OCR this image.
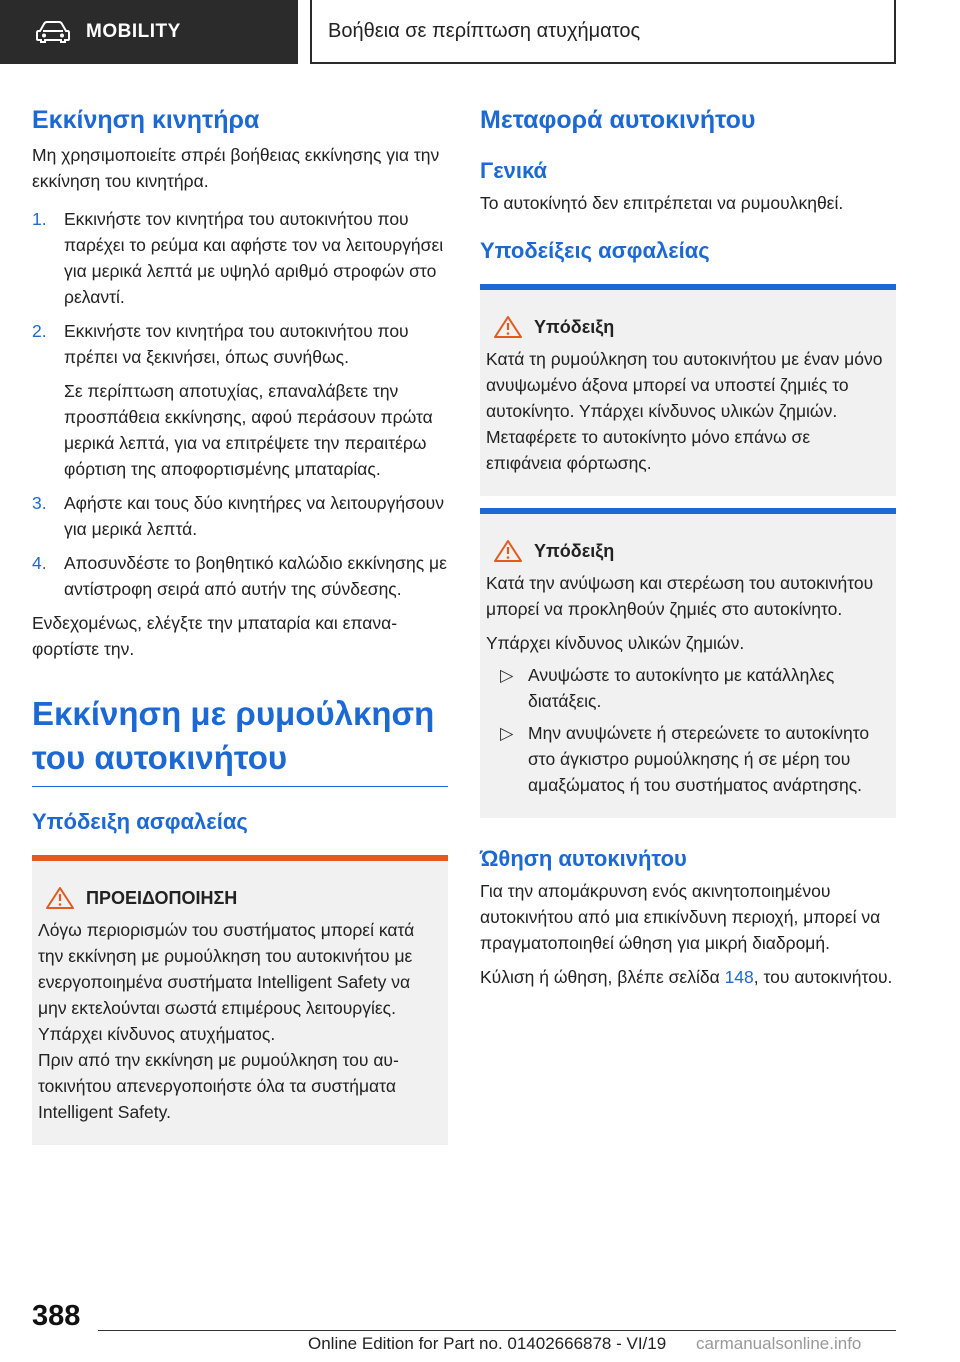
MOBILITY	Βοήθεια σε περίπτωση ατυχήματος
Εκκίνηση κινητήρα

Μη χρησιμοποιείτε σπρέι βοήθειας εκκίνησης για την εκκίνηση του κινητήρα.

1. Εκκινήστε τον κινητήρα του αυτοκινήτου που παρέχει το ρεύμα και αφήστε τον να λειτουργήσει για μερικά λεπτά με υψηλό αριθμό στροφών στο ρελαντί.
2. Εκκινήστε τον κινητήρα του αυτοκινήτου που πρέπει να ξεκινήσει, όπως συνήθως.
Σε περίπτωση αποτυχίας, επαναλάβετε την προσπάθεια εκκίνησης, αφού περάσουν πρώτα μερικά λεπτά, για να επιτρέψετε την περαιτέρω φόρτιση της αποφορτισμένης μπαταρίας.
3. Αφήστε και τους δύο κινητήρες να λειτουργήσουν για μερικά λεπτά.
4. Αποσυνδέστε το βοηθητικό καλώδιο εκκίνησης με αντίστροφη σειρά από αυτήν της σύνδεσης.

Ενδεχομένως, ελέγξτε την μπαταρία και επαναφορτίστε την.

Εκκίνηση με ρυμούλκηση του αυτοκινήτου
Υπόδειξη ασφαλείας
ΠΡΟΕΙΔΟΠΟΙΗΣΗ

Λόγω περιορισμών του συστήματος μπορεί κατά την εκκίνηση με ρυμούλκηση του αυτοκινήτου με ενεργοποιημένα συστήματα Intelligent Safety να μην εκτελούνται σωστά επιμέρους λειτουργίες. Υπάρχει κίνδυνος ατυχήματος.

Πριν από την εκκίνηση με ρυμούλκηση του αυτοκινήτου απενεργοποιήστε όλα τα συστήματα Intelligent Safety.

Μεταφορά αυτοκινήτου
Γενικά

Το αυτοκίνητό δεν επιτρέπεται να ρυμουλκηθεί.

Υποδείξεις ασφαλείας
Υπόδειξη

Κατά τη ρυμούλκηση του αυτοκινήτου με έναν μόνο ανυψωμένο άξονα μπορεί να υποστεί ζημιές το αυτοκίνητο. Υπάρχει κίνδυνος υλικών ζημιών. Μεταφέρετε το αυτοκίνητο μόνο επάνω σε επιφάνεια φόρτωσης.

Υπόδειξη

Κατά την ανύψωση και στερέωση του αυτοκινήτου μπορεί να προκληθούν ζημιές στο αυτοκίνητο.

Υπάρχει κίνδυνος υλικών ζημιών.

▷ Ανυψώστε το αυτοκίνητο με κατάλληλες διατάξεις.
▷ Μην ανυψώνετε ή στερεώνετε το αυτοκίνητο στο άγκιστρο ρυμούλκησης ή σε μέρη του αμαξώματος ή του συστήματος ανάρτησης.
Ώθηση αυτοκινήτου

Για την απομάκρυνση ενός ακινητοποιημένου αυτοκινήτου από μια επικίνδυνη περιοχή, μπορεί να πραγματοποιηθεί ώθηση για μικρή διαδρομή.

Κύλιση ή ώθηση, βλέπε σελίδα 148, του αυτοκινήτου.

388
Online Edition for Part no. 01402666878 - VI/19 carmanualsonline.info
